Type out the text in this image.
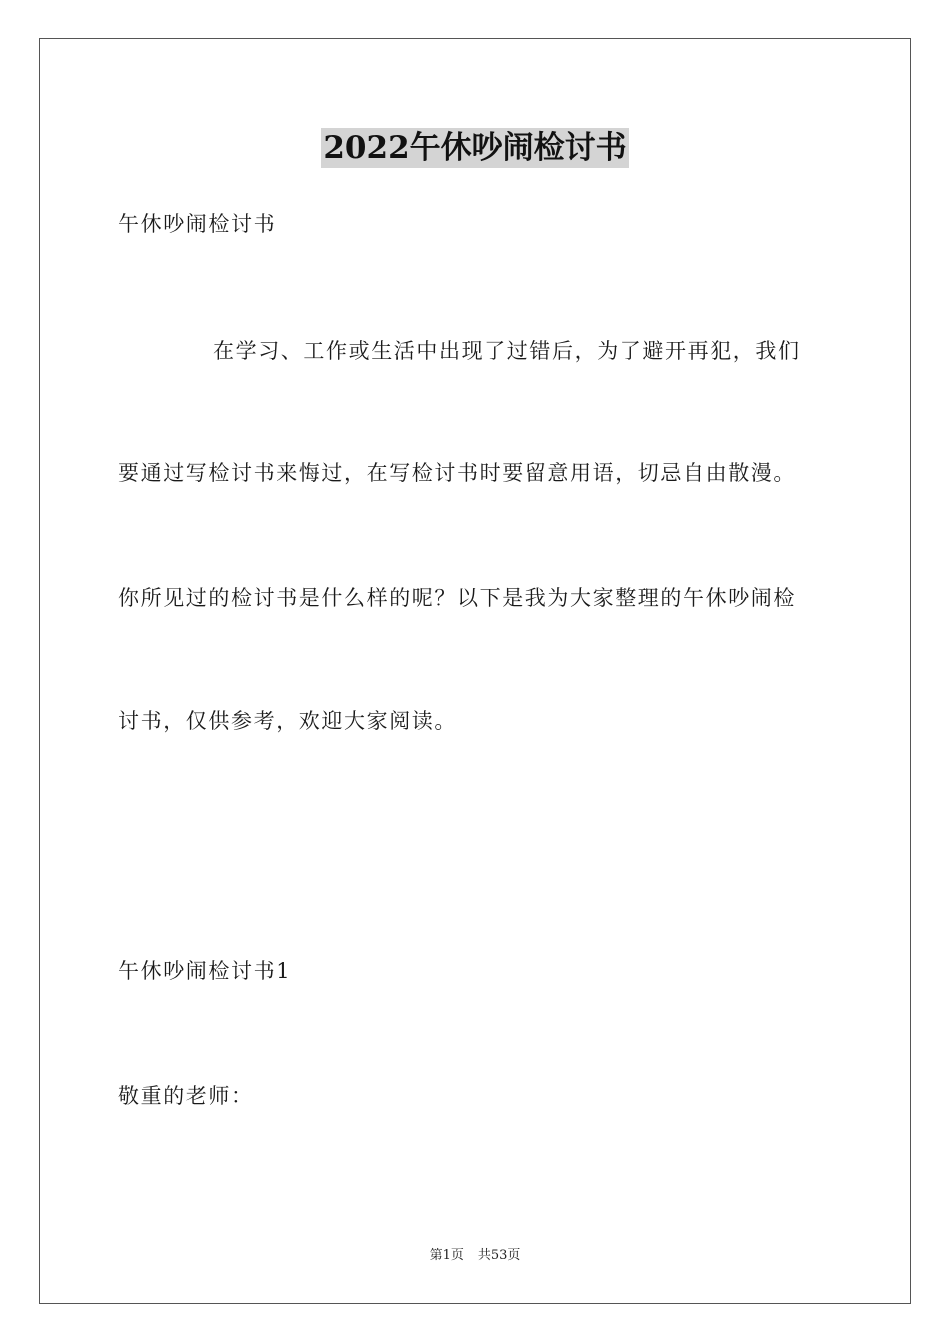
2022午休吵闹检讨书
午休吵闹检讨书
在学习、工作或生活中出现了过错后，为了避开再犯，我们
要通过写检讨书来悔过，在写检讨书时要留意用语，切忌自由散漫。
你所见过的检讨书是什么样的呢？以下是我为大家整理的午休吵闹检
讨书，仅供参考，欢迎大家阅读。
午休吵闹检讨书1
敬重的老师：
第1页 共53页
